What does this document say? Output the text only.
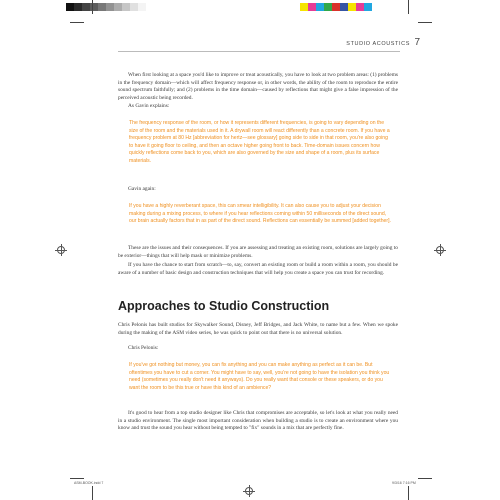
STUDIO ACOUSTICS 7

When first looking at a space you'd like to improve or treat acoustically, you have to look at two problem areas: (1) problems in the frequency domain—which will affect frequency response or, in other words, the ability of the room to reproduce the entire sound spectrum faithfully; and (2) problems in the time domain—caused by reflections that might give a false impression of the perceived acoustic being recorded.

As Gavin explains:

The frequency response of the room, or how it represents different frequencies, is going to vary depending on the size of the room and the materials used in it. A drywall room will react differently than a concrete room. If you have a frequency problem at 80 Hz [abbreviation for hertz—see glossary] going side to side in that room, you're also going to have it going floor to ceiling, and then an octave higher going front to back. Time-domain issues concern how quickly reflections come back to you, which are also governed by the size and shape of a room, plus its surface materials.

Gavin again:

If you have a highly reverberant space, this can smear intelligibility. It can also cause you to adjust your decision making during a mixing process, to where if you hear reflections coming within 50 milliseconds of the direct sound, our brain actually factors that in as part of the direct sound. Reflections can essentially be summed [added together].

These are the issues and their consequences. If you are assessing and treating an existing room, solutions are largely going to be exterior—things that will help mask or minimize problems.

If you have the chance to start from scratch—to, say, convert an existing room or build a room within a room, you should be aware of a number of basic design and construction techniques that will help you create a space you can trust for recording.

Approaches to Studio Construction

Chris Pelonis has built studios for Skywalker Sound, Disney, Jeff Bridges, and Jack White, to name but a few. When we spoke during the making of the ASM video series, he was quick to point out that there is no universal solution.

Chris Pelonis:

If you've got nothing but money, you can fix anything and you can make anything as perfect as it can be. But oftentimes you have to cut a corner. You might have to say, well, you're not going to have the isolation you think you need (sometimes you really don't need it anyways). Do you really want that console or these speakers, or do you want the room to be this true or have this kind of an ambience?

It's good to hear from a top studio designer like Chris that compromises are acceptable, so let's look at what you really need in a studio environment. The single most important consideration when building a studio is to create an environment where you know and trust the sound you hear without being tempted to "fix" sounds in a mix that are perfectly fine.

ASM-BOOK.indd 7	9/3/16 7:16 PM
